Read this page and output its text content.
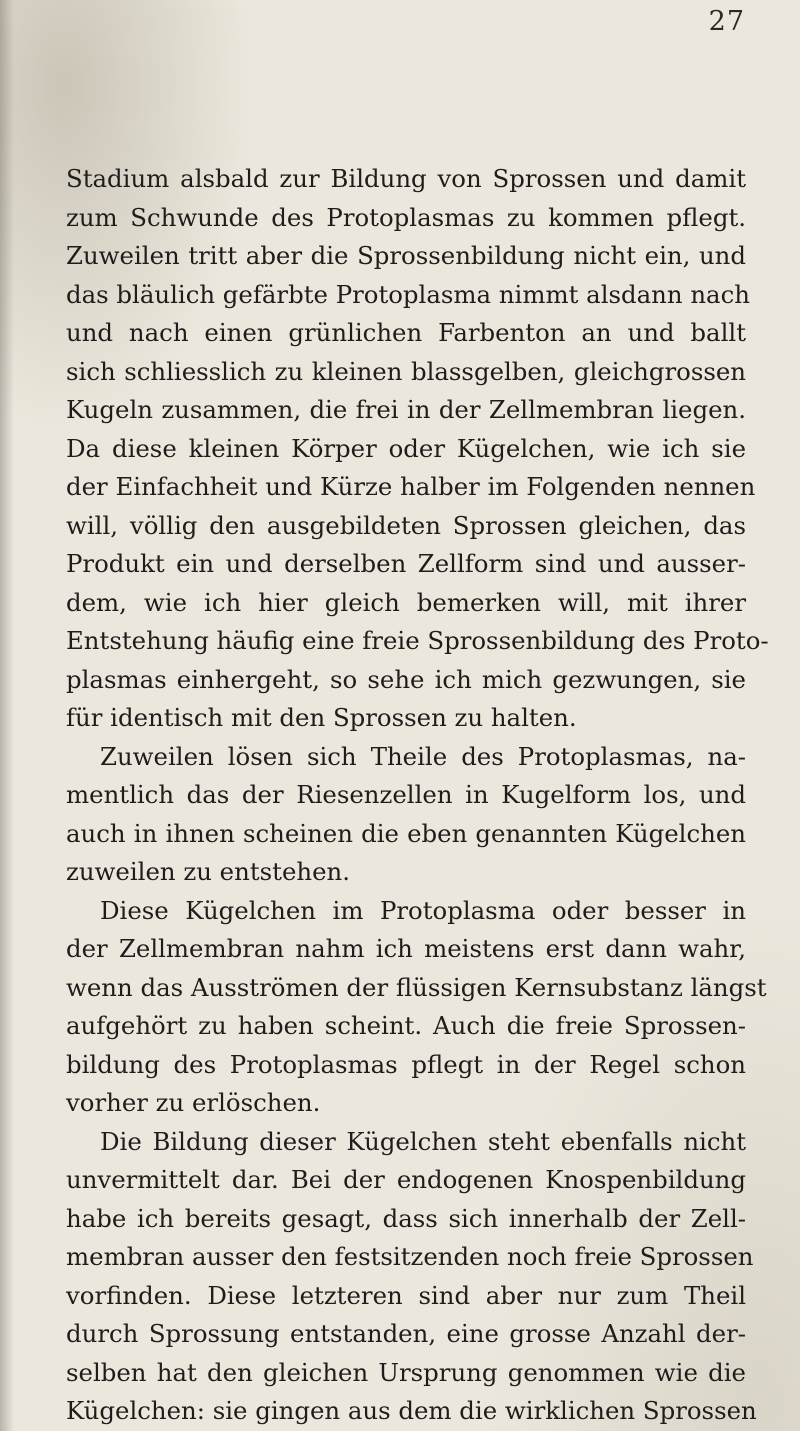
27
Stadium alsbald zur Bildung von Sprossen und damit
zum Schwunde des Protoplasmas zu kommen pflegt.
Zuweilen tritt aber die Sprossenbildung nicht ein, und
das bläulich gefärbte Protoplasma nimmt alsdann nach
und nach einen grünlichen Farbenton an und ballt
sich schliesslich zu kleinen blassgelben, gleichgrossen
Kugeln zusammen, die frei in der Zellmembran liegen.
Da diese kleinen Körper oder Kügelchen, wie ich sie
der Einfachheit und Kürze halber im Folgenden nennen
will, völlig den ausgebildeten Sprossen gleichen, das
Produkt ein und derselben Zellform sind und ausser-
dem, wie ich hier gleich bemerken will, mit ihrer
Entstehung häufig eine freie Sprossenbildung des Proto-
plasmas einhergeht, so sehe ich mich gezwungen, sie
für identisch mit den Sprossen zu halten.
Zuweilen lösen sich Theile des Protoplasmas, na-
mentlich das der Riesenzellen in Kugelform los, und
auch in ihnen scheinen die eben genannten Kügelchen
zuweilen zu entstehen.
Diese Kügelchen im Protoplasma oder besser in
der Zellmembran nahm ich meistens erst dann wahr,
wenn das Ausströmen der flüssigen Kernsubstanz längst
aufgehört zu haben scheint. Auch die freie Sprossen-
bildung des Protoplasmas pflegt in der Regel schon
vorher zu erlöschen.
Die Bildung dieser Kügelchen steht ebenfalls nicht
unvermittelt dar. Bei der endogenen Knospenbildung
habe ich bereits gesagt, dass sich innerhalb der Zell-
membran ausser den festsitzenden noch freie Sprossen
vorfinden. Diese letzteren sind aber nur zum Theil
durch Sprossung entstanden, eine grosse Anzahl der-
selben hat den gleichen Ursprung genommen wie die
Kügelchen: sie gingen aus dem die wirklichen Sprossen
